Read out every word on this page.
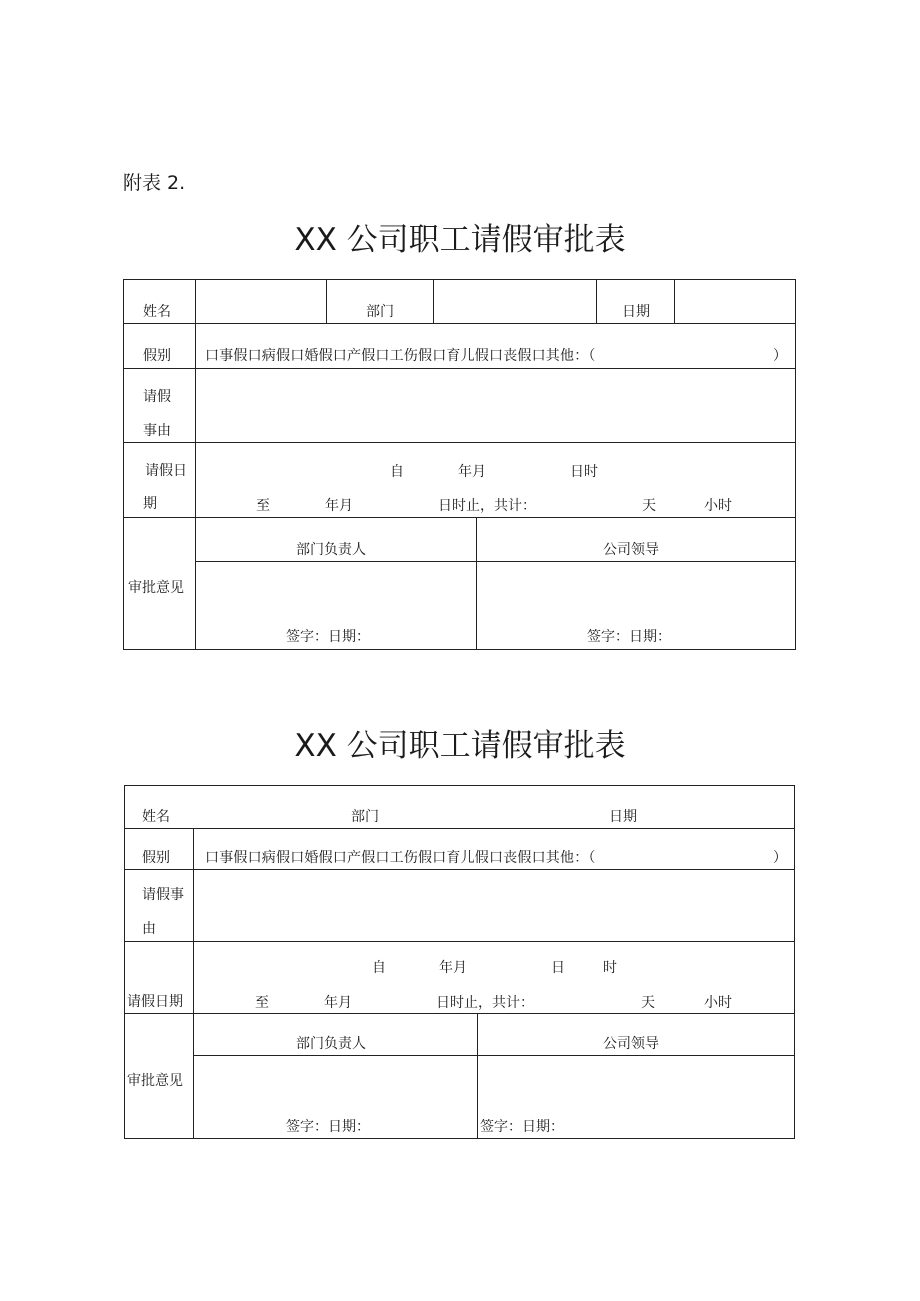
附表 2.
XX 公司职工请假审批表
姓名	部门	日期
假别 口事假口病假口婚假口产假口工伤假口育儿假口丧假口其他：（	）
请假
事由
请假日
期
自	年月	日时
至	年月	日时止，共计：	天	小时
审批意见
部门负责人	公司领导
签字：日期：	签字：日期：
XX 公司职工请假审批表
姓名	部门	日期
假别	口事假口病假口婚假口产假口工伤假口育儿假口丧假口其他：（	）
请假事
由
请假日期
自	年月	日	时
至	年月	日时止，共计：	天	小时
审批意见
部门负责人	公司领导
签字：日期：	签字：日期：
